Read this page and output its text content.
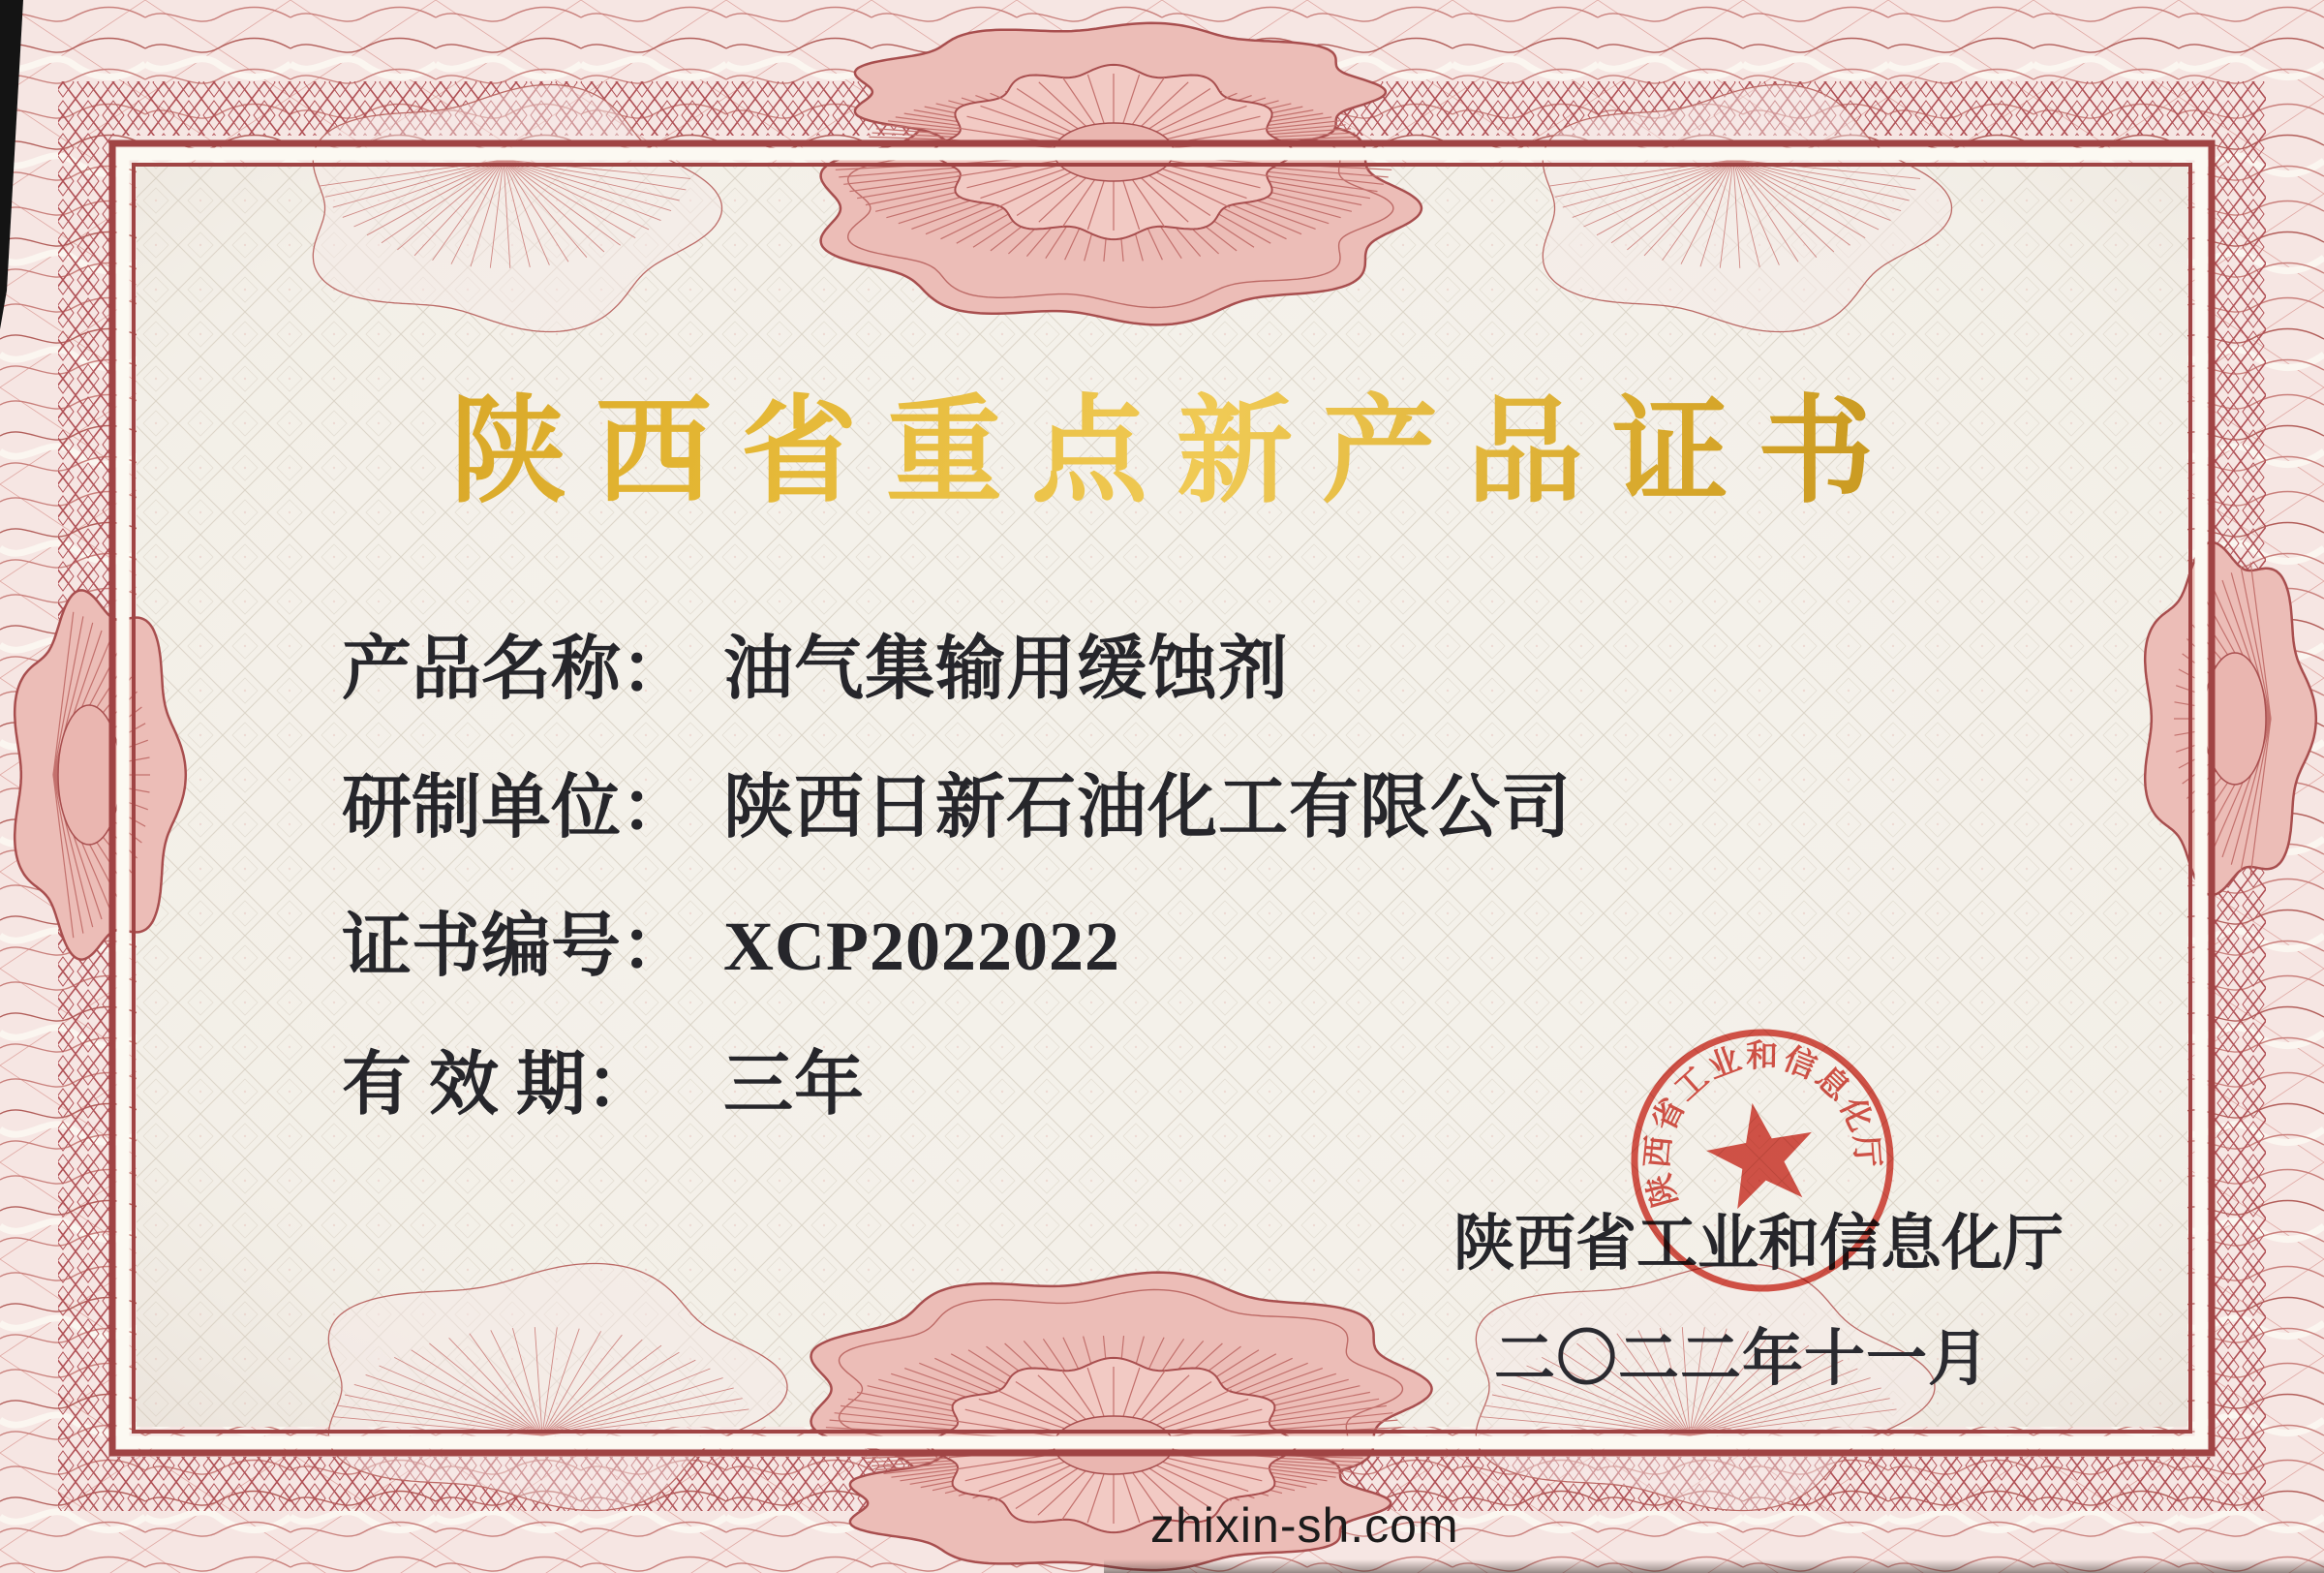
陕西省重点新产品证书
产品名称： 油气集输用缓蚀剂
研制单位： 陕西日新石油化工有限公司
证书编号： XCP2022022
有 效 期： 三年
陕西省工业和信息化厅
二〇二二年十一月
陕西省工业和信息化厅
zhixin-sh.com
